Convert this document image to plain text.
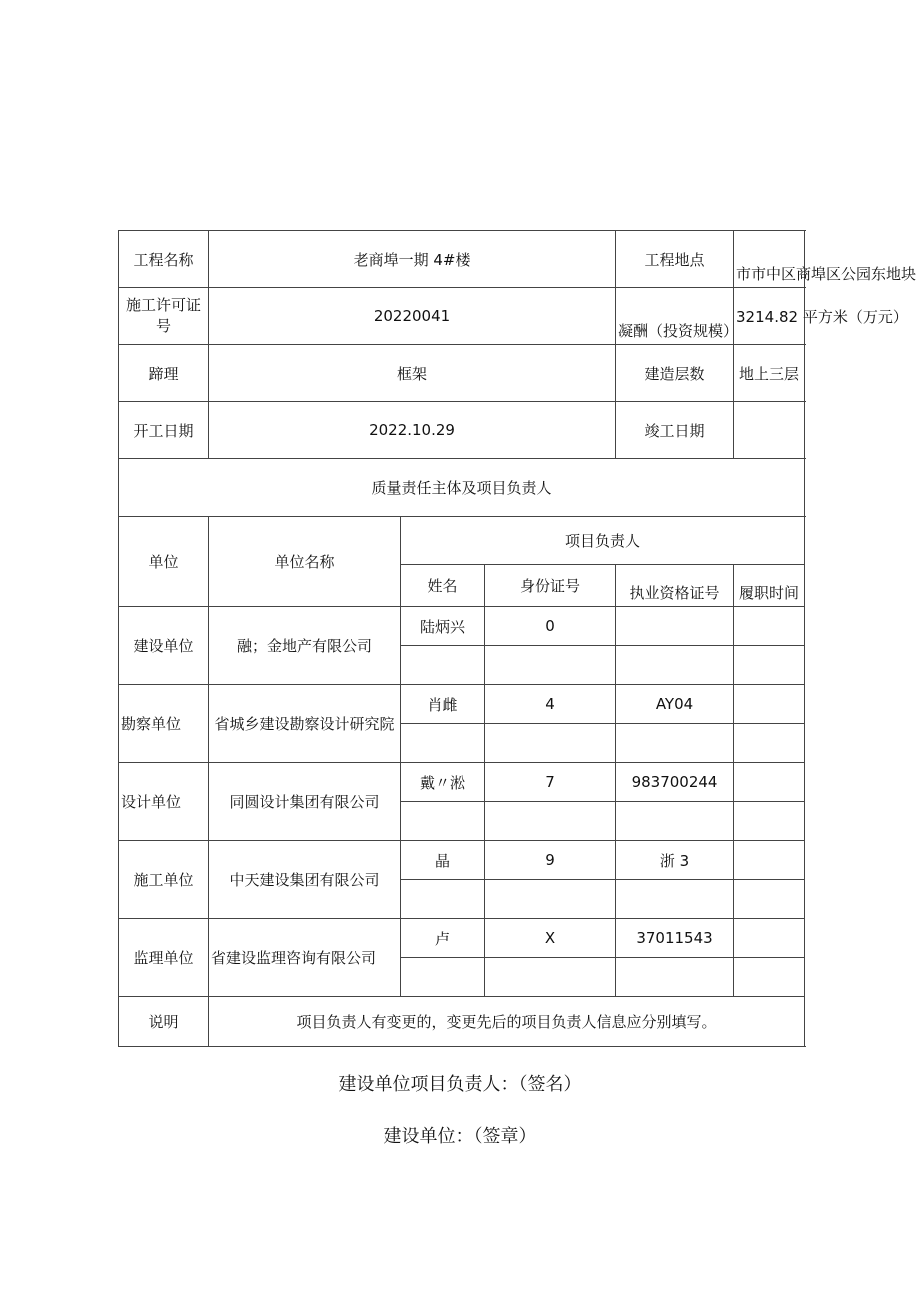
工程名称	老商埠一期 4#楼			工程地点	市市中区商埠区公园东地块
施工许可证号	20220041			凝酬（投资规模）	3214.82 平方米（万元）
蹄理	框架			建造层数	地上三层
开工日期	2022.10.29			竣工日期	
质量责任主体及项目负责人					
单位	单位名称	项目负责人			
		姓名	身份证号	执业资格证号	履职时间
建设单位	融；金地产有限公司	陆炳兴	0		

勘察单位	省城乡建设勘察设计研究院	肖雌	4	AY04	

设计单位	同圆设计集团有限公司	戴〃淞	7	983700244	

施工单位	中天建设集团有限公司	晶	9	浙 3	

监理单位	省建设监理咨询有限公司	卢	X	37011543	

说明	项目负责人有变更的，变更先后的项目负责人信息应分别填写。				
建设单位项目负责人：（签名）
建设单位：（签章）
